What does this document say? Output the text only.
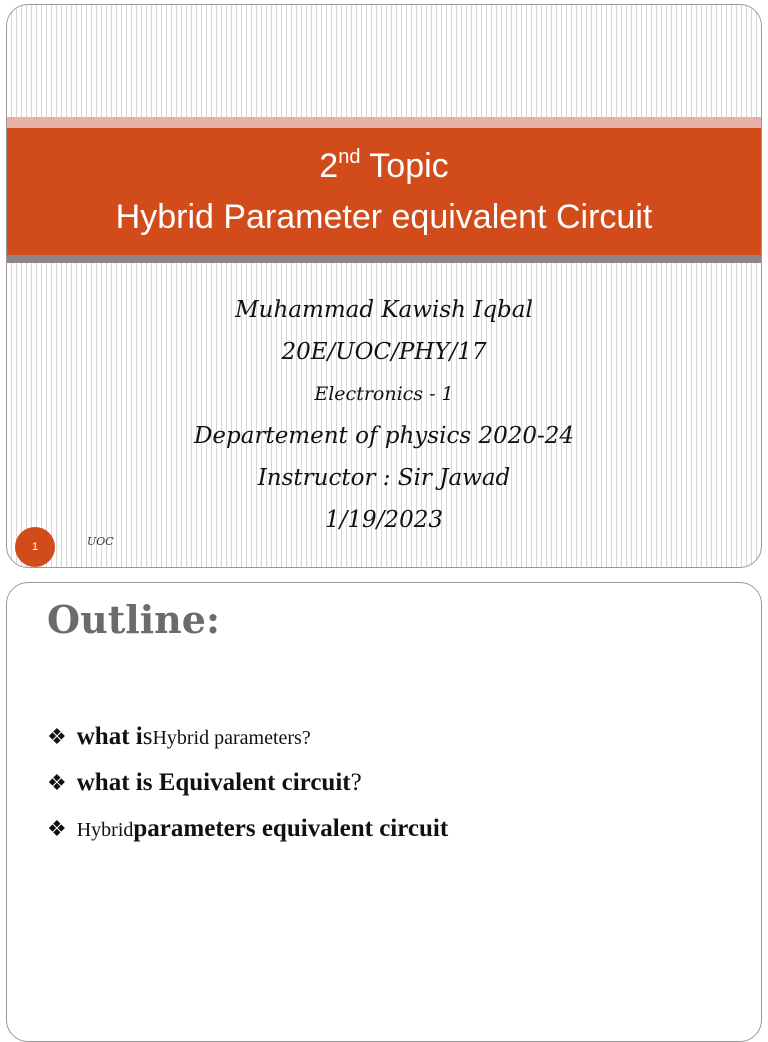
2nd Topic
Hybrid Parameter equivalent Circuit
Muhammad Kawish Iqbal
20E/UOC/PHY/17
Electronics - 1
Departement of physics 2020-24
Instructor : Sir Jawad
1/19/2023
1	UOC
Outline:
❖ what i s Hybrid parameters?
❖ what is Equivalent circuit ?
❖ Hybrid parameter s equivalent circuit
